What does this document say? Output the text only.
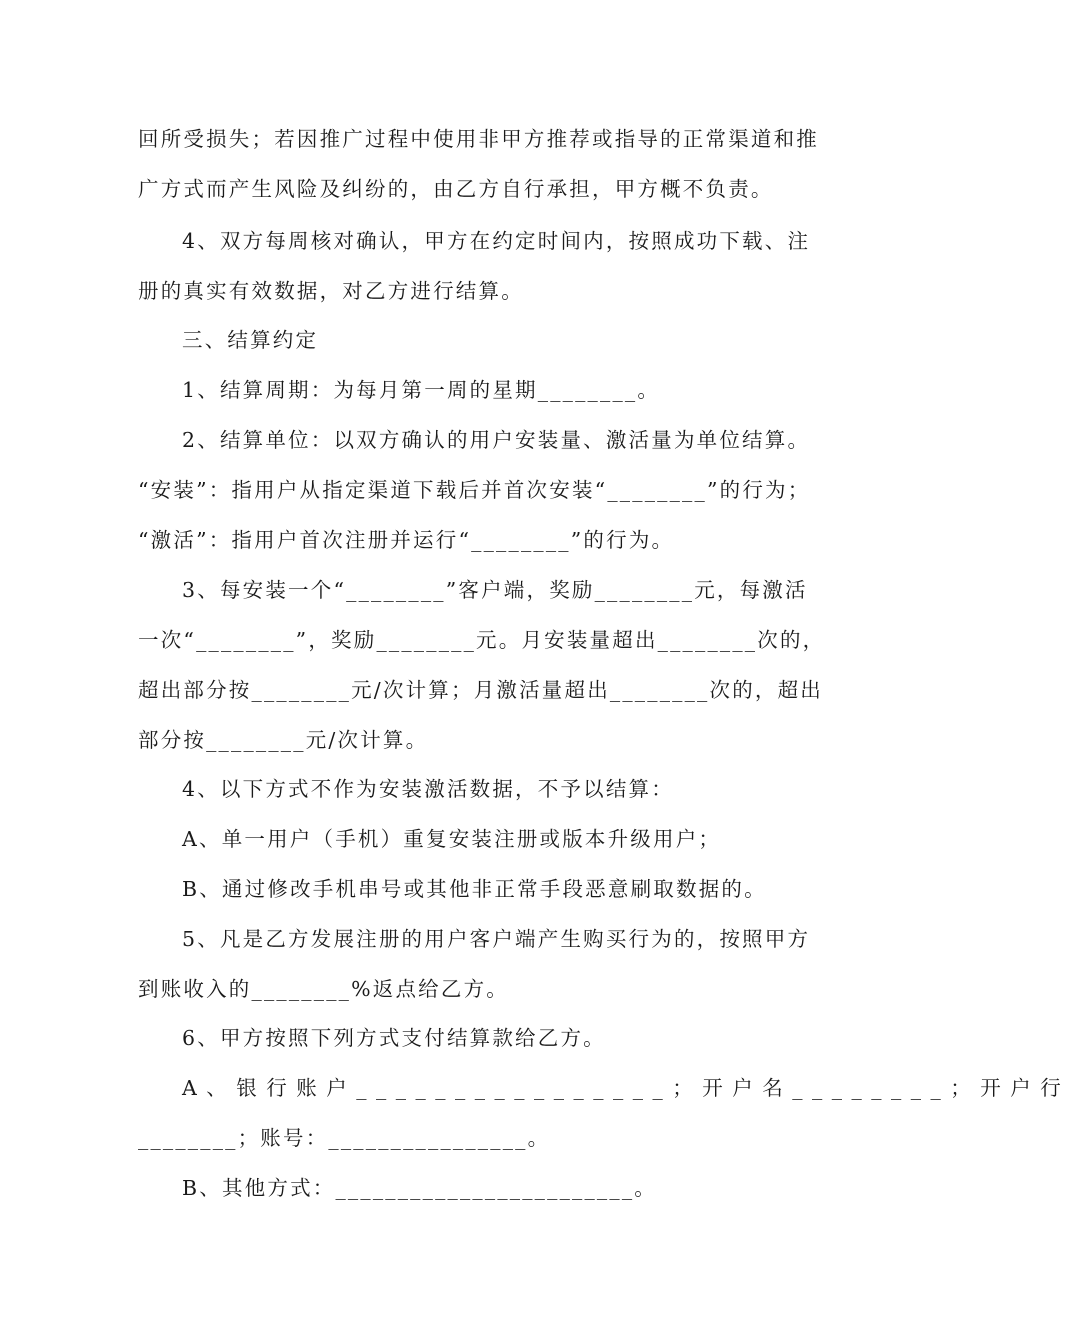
回所受损失；若因推广过程中使用非甲方推荐或指导的正常渠道和推
广方式而产生风险及纠纷的，由乙方自行承担，甲方概不负责。
4、双方每周核对确认，甲方在约定时间内，按照成功下载、注
册的真实有效数据，对乙方进行结算。
三、结算约定
1、结算周期：为每月第一周的星期________。
2、结算单位：以双方确认的用户安装量、激活量为单位结算。
“安装”：指用户从指定渠道下载后并首次安装“________”的行为；
“激活”：指用户首次注册并运行“________”的行为。
3、每安装一个“________”客户端，奖励________元，每激活
一次“________”，奖励________元。月安装量超出________次的，
超出部分按________元/次计算；月激活量超出________次的，超出
部分按________元/次计算。
4、以下方式不作为安装激活数据，不予以结算：
A、单一用户（手机）重复安装注册或版本升级用户；
B、通过修改手机串号或其他非正常手段恶意刷取数据的。
5、凡是乙方发展注册的用户客户端产生购买行为的，按照甲方
到账收入的________%返点给乙方。
6、甲方按照下列方式支付结算款给乙方。
A、银行账户________________；开户名________；开户行
________；账号：________________。
B、其他方式：________________________。
